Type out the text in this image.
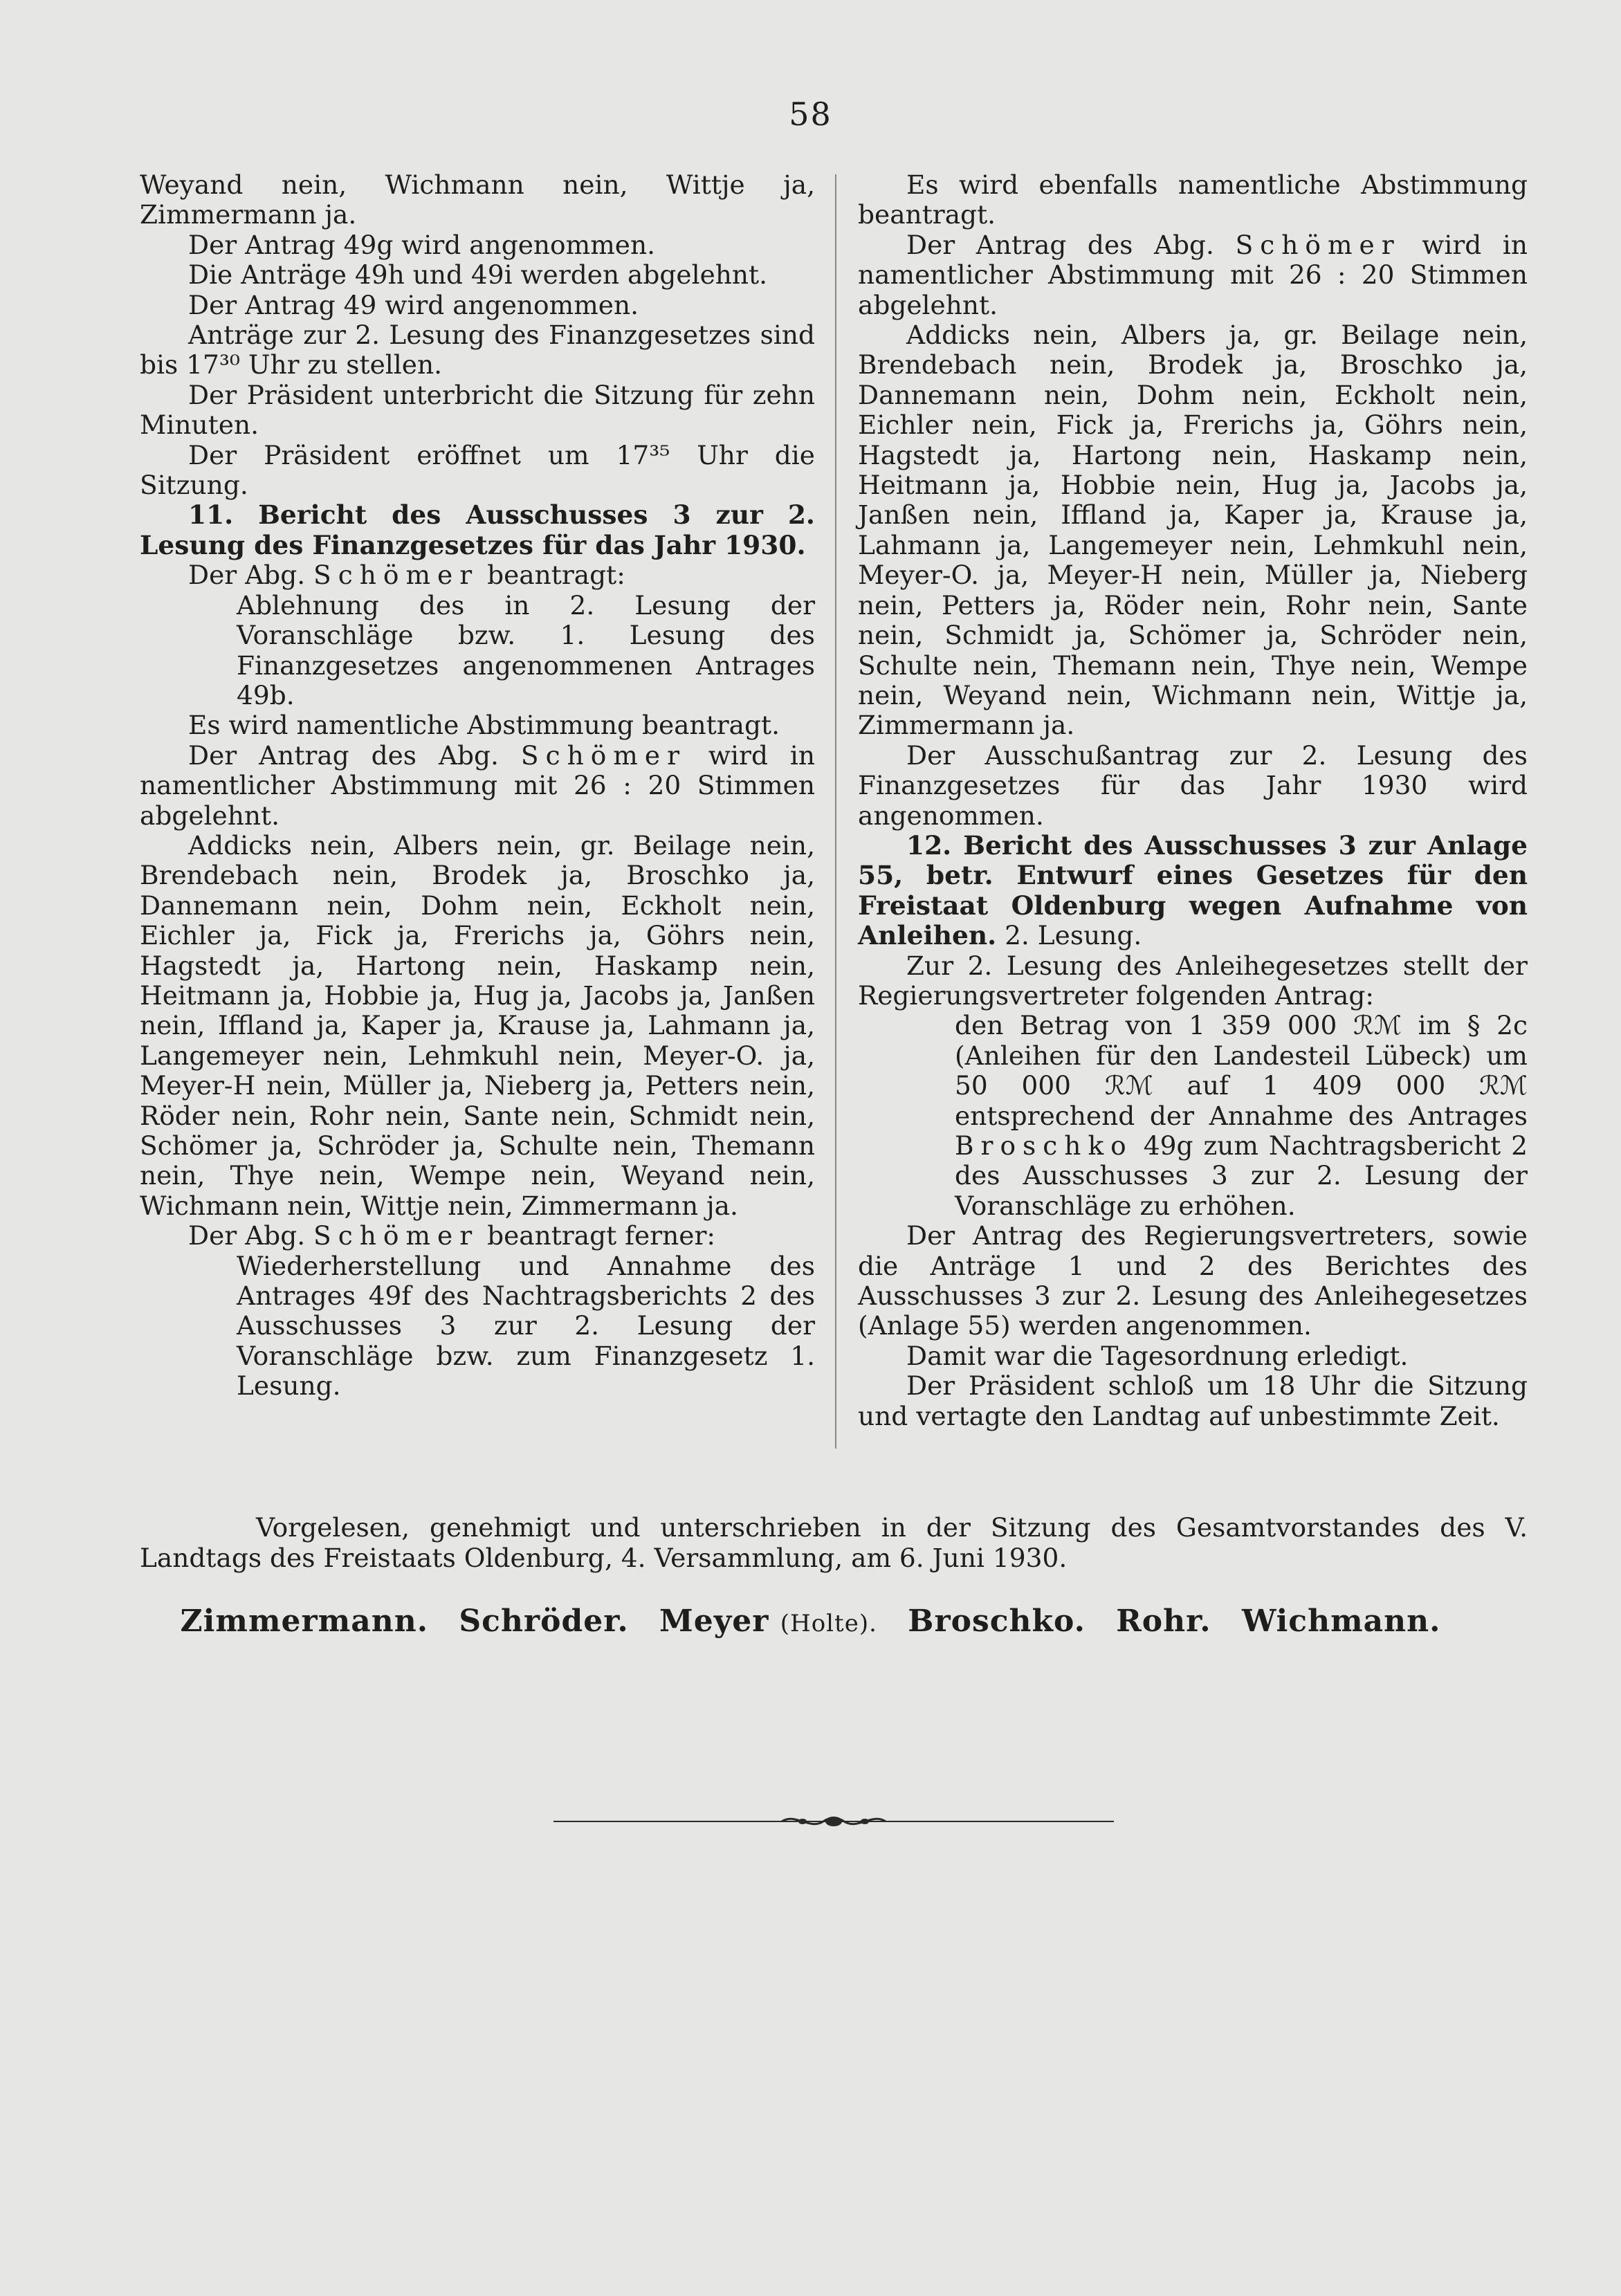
58

Weyand nein, Wichmann nein, Wittje ja, Zimmermann ja.

Der Antrag 49g wird angenommen.

Die Anträge 49h und 49i werden abgelehnt.

Der Antrag 49 wird angenommen.

Anträge zur 2. Lesung des Finanzgesetzes sind bis 17³⁰ Uhr zu stellen.

Der Präsident unterbricht die Sitzung für zehn Minuten.

Der Präsident eröffnet um 17³⁵ Uhr die Sitzung.

11. Bericht des Ausschusses 3 zur 2. Lesung des Finanzgesetzes für das Jahr 1930.

Der Abg. Schömer beantragt:

Ablehnung des in 2. Lesung der Voranschläge bzw. 1. Lesung des Finanzgesetzes angenommenen Antrages 49b.

Es wird namentliche Abstimmung beantragt.

Der Antrag des Abg. Schömer wird in namentlicher Abstimmung mit 26 : 20 Stimmen abgelehnt.

Addicks nein, Albers nein, gr. Beilage nein, Brendebach nein, Brodek ja, Broschko ja, Dannemann nein, Dohm nein, Eckholt nein, Eichler ja, Fick ja, Frerichs ja, Göhrs nein, Hagstedt ja, Hartong nein, Haskamp nein, Heitmann ja, Hobbie ja, Hug ja, Jacobs ja, Janßen nein, Iffland ja, Kaper ja, Krause ja, Lahmann ja, Langemeyer nein, Lehmkuhl nein, Meyer-O. ja, Meyer-H nein, Müller ja, Nieberg ja, Petters nein, Röder nein, Rohr nein, Sante nein, Schmidt nein, Schömer ja, Schröder ja, Schulte nein, Themann nein, Thye nein, Wempe nein, Weyand nein, Wichmann nein, Wittje nein, Zimmermann ja.

Der Abg. Schömer beantragt ferner:

Wiederherstellung und Annahme des Antrages 49f des Nachtragsberichts 2 des Ausschusses 3 zur 2. Lesung der Voranschläge bzw. zum Finanzgesetz 1. Lesung.

Es wird ebenfalls namentliche Abstimmung beantragt.

Der Antrag des Abg. Schömer wird in namentlicher Abstimmung mit 26 : 20 Stimmen abgelehnt.

Addicks nein, Albers ja, gr. Beilage nein, Brendebach nein, Brodek ja, Broschko ja, Dannemann nein, Dohm nein, Eckholt nein, Eichler nein, Fick ja, Frerichs ja, Göhrs nein, Hagstedt ja, Hartong nein, Haskamp nein, Heitmann ja, Hobbie nein, Hug ja, Jacobs ja, Janßen nein, Iffland ja, Kaper ja, Krause ja, Lahmann ja, Langemeyer nein, Lehmkuhl nein, Meyer-O. ja, Meyer-H nein, Müller ja, Nieberg nein, Petters ja, Röder nein, Rohr nein, Sante nein, Schmidt ja, Schömer ja, Schröder nein, Schulte nein, Themann nein, Thye nein, Wempe nein, Weyand nein, Wichmann nein, Wittje ja, Zimmermann ja.

Der Ausschußantrag zur 2. Lesung des Finanzgesetzes für das Jahr 1930 wird angenommen.

12. Bericht des Ausschusses 3 zur Anlage 55, betr. Entwurf eines Gesetzes für den Freistaat Oldenburg wegen Aufnahme von Anleihen. 2. Lesung.

Zur 2. Lesung des Anleihegesetzes stellt der Regierungsvertreter folgenden Antrag:

den Betrag von 1 359 000 ℛℳ im § 2c (Anleihen für den Landesteil Lübeck) um 50 000 ℛℳ auf 1 409 000 ℛℳ entsprechend der Annahme des Antrages Broschko 49g zum Nachtragsbericht 2 des Ausschusses 3 zur 2. Lesung der Voranschläge zu erhöhen.

Der Antrag des Regierungsvertreters, sowie die Anträge 1 und 2 des Berichtes des Ausschusses 3 zur 2. Lesung des Anleihegesetzes (Anlage 55) werden angenommen.

Damit war die Tagesordnung erledigt.

Der Präsident schloß um 18 Uhr die Sitzung und vertagte den Landtag auf unbestimmte Zeit.

Vorgelesen, genehmigt und unterschrieben in der Sitzung des Gesamtvorstandes des V. Landtags des Freistaats Oldenburg, 4. Versammlung, am 6. Juni 1930.

Zimmermann. Schröder. Meyer (Holte). Broschko. Rohr. Wichmann.
